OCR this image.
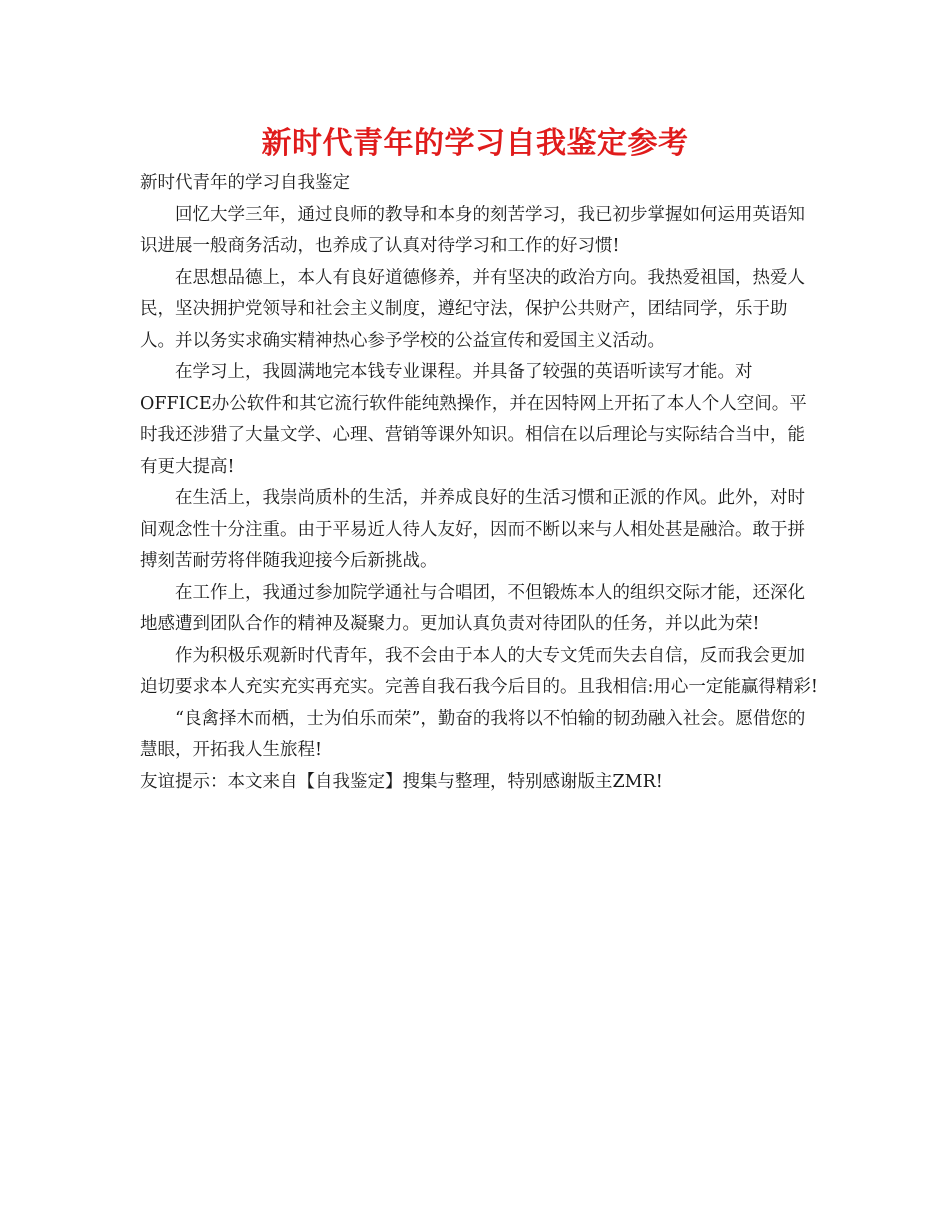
新时代青年的学习自我鉴定参考

新时代青年的学习自我鉴定

回忆大学三年，通过良师的教导和本身的刻苦学习，我已初步掌握如何运用英语知识进展一般商务活动，也养成了认真对待学习和工作的好习惯!

在思想品德上，本人有良好道德修养，并有坚决的政治方向。我热爱祖国，热爱人民，坚决拥护党领导和社会主义制度，遵纪守法，保护公共财产，团结同学，乐于助人。并以务实求确实精神热心参予学校的公益宣传和爱国主义活动。

在学习上，我圆满地完本钱专业课程。并具备了较强的英语听读写才能。对OFFICE办公软件和其它流行软件能纯熟操作，并在因特网上开拓了本人个人空间。平时我还涉猎了大量文学、心理、营销等课外知识。相信在以后理论与实际结合当中，能有更大提高!

在生活上，我崇尚质朴的生活，并养成良好的生活习惯和正派的作风。此外，对时间观念性十分注重。由于平易近人待人友好，因而不断以来与人相处甚是融洽。敢于拼搏刻苦耐劳将伴随我迎接今后新挑战。

在工作上，我通过参加院学通社与合唱团，不但锻炼本人的组织交际才能，还深化地感遭到团队合作的精神及凝聚力。更加认真负责对待团队的任务，并以此为荣!

作为积极乐观新时代青年，我不会由于本人的大专文凭而失去自信，反而我会更加迫切要求本人充实充实再充实。完善自我石我今后目的。且我相信:用心一定能赢得精彩!

“良禽择木而栖，士为伯乐而荣”，勤奋的我将以不怕输的韧劲融入社会。愿借您的慧眼，开拓我人生旅程!

友谊提示：本文来自【自我鉴定】搜集与整理，特别感谢版主ZMR!
